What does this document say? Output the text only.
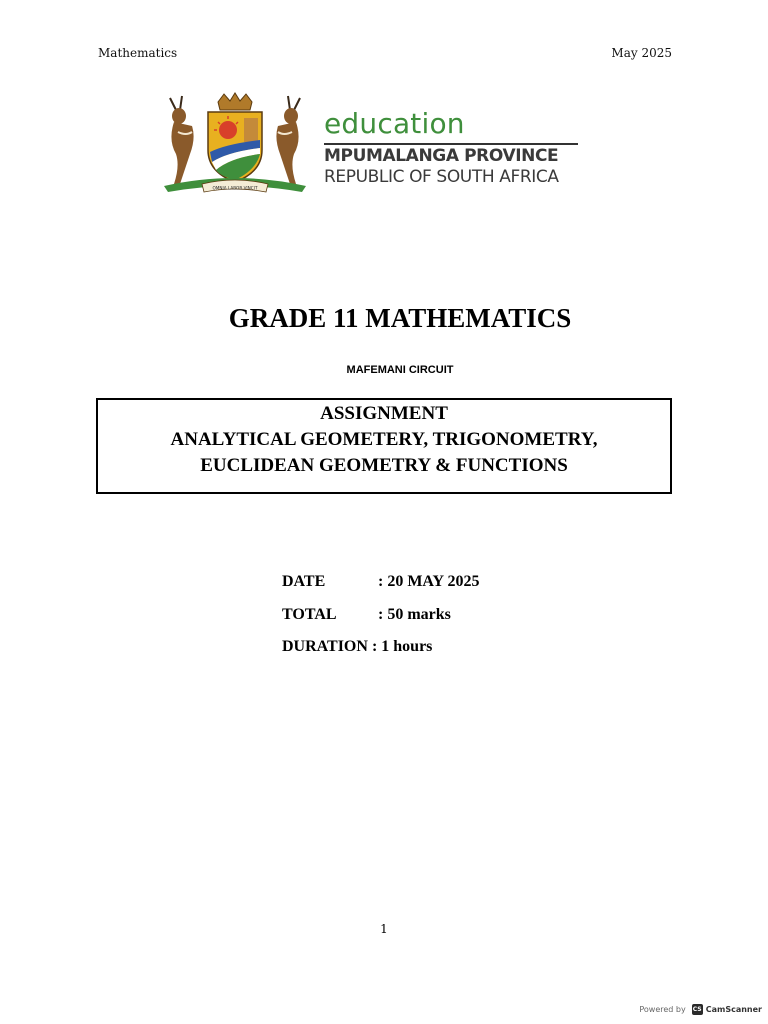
Mathematics	May 2025
OMNIA LABOR VINCIT
education
MPUMALANGA PROVINCE
REPUBLIC OF SOUTH AFRICA
GRADE 11 MATHEMATICS
MAFEMANI CIRCUIT
ASSIGNMENT
ANALYTICAL GEOMETERY, TRIGONOMETRY,
EUCLIDEAN GEOMETRY & FUNCTIONS
DATE	: 20 MAY 2025
TOTAL	: 50 marks
DURATION : 1 hours
1
Powered by CS CamScanner
